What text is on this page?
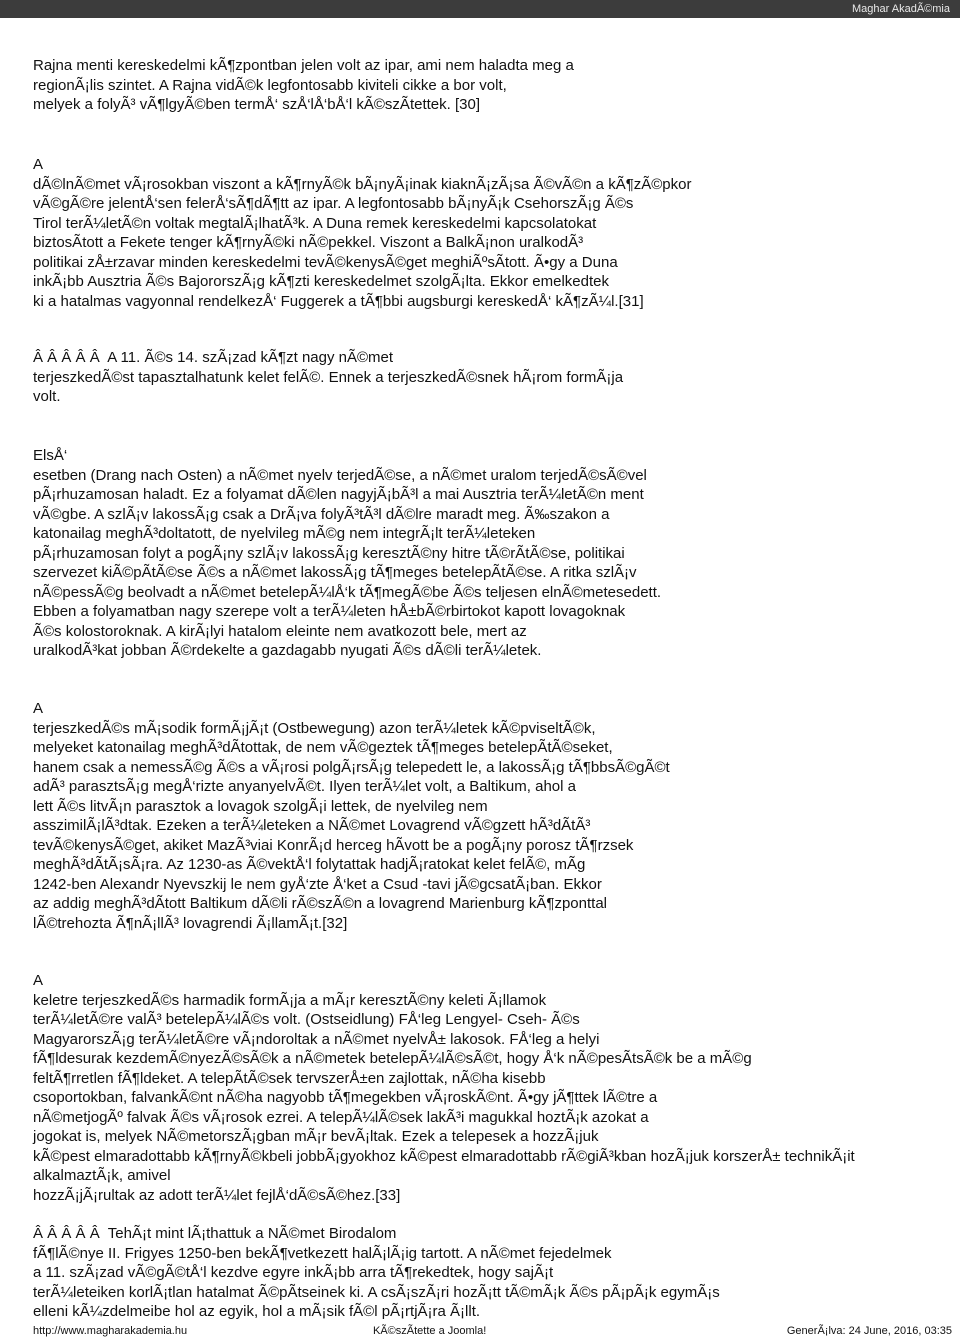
Maghar AkadÃ©mia

Rajna menti kereskedelmi kÃ¶zpontban jelen volt az ipar, ami nem haladta meg a
regionÃ¡lis szintet. A Rajna vidÃ©k legfontosabb kiviteli cikke a bor volt,
melyek a folyÃ³ vÃ¶lgyÃ©ben termÅ‘ szÅ‘lÅ‘bÅ‘l kÃ©szÃtettek. [30]

A
dÃ©lnÃ©met vÃ¡rosokban viszont a kÃ¶rnyÃ©k bÃ¡nyÃ¡inak kiaknÃ¡zÃ¡sa Ã©vÃ©n a kÃ¶zÃ©pkor
vÃ©gÃ©re jelentÅ‘sen felerÅ‘sÃ¶dÃ¶tt az ipar. A legfontosabb bÃ¡nyÃ¡k CsehorszÃ¡g Ã©s
Tirol terÃ¼letÃ©n voltak megtalÃ¡lhatÃ³k. A Duna remek kereskedelmi kapcsolatokat
biztosÃtott a Fekete tenger kÃ¶rnyÃ©ki nÃ©pekkel. Viszont a BalkÃ¡non uralkodÃ³
politikai zÅ±rzavar minden kereskedelmi tevÃ©kenysÃ©get meghiÃºsÃtott. Ã•gy a Duna
inkÃ¡bb Ausztria Ã©s BajororszÃ¡g kÃ¶zti kereskedelmet szolgÃ¡lta. Ekkor emelkedtek
ki a hatalmas vagyonnal rendelkezÅ‘ Fuggerek a tÃ¶bbi augsburgi kereskedÅ‘ kÃ¶zÃ¼l.[31]

Â Â Â Â Â  A 11. Ã©s 14. szÃ¡zad kÃ¶zt nagy nÃ©met
terjeszkedÃ©st tapasztalhatunk kelet felÃ©. Ennek a terjeszkedÃ©snek hÃ¡rom formÃ¡ja
volt.

ElsÅ‘
esetben (Drang nach Osten) a nÃ©met nyelv terjedÃ©se, a nÃ©met uralom terjedÃ©sÃ©vel
pÃ¡rhuzamosan haladt. Ez a folyamat dÃ©len nagyjÃ¡bÃ³l a mai Ausztria terÃ¼letÃ©n ment
vÃ©gbe. A szlÃ¡v lakossÃ¡g csak a DrÃ¡va folyÃ³tÃ³l dÃ©lre maradt meg. Ã‰szakon a
katonailag meghÃ³doltatott, de nyelvileg mÃ©g nem integrÃ¡lt terÃ¼leteken
pÃ¡rhuzamosan folyt a pogÃ¡ny szlÃ¡v lakossÃ¡g keresztÃ©ny hitre tÃ©rÃtÃ©se, politikai
szervezet kiÃ©pÃtÃ©se Ã©s a nÃ©met lakossÃ¡g tÃ¶meges betelepÃtÃ©se. A ritka szlÃ¡v
nÃ©pessÃ©g beolvadt a nÃ©met betelepÃ¼lÅ‘k tÃ¶megÃ©be Ã©s teljesen elnÃ©metesedett.
Ebben a folyamatban nagy szerepe volt a terÃ¼leten hÅ±bÃ©rbirtokot kapott lovagoknak
Ã©s kolostoroknak. A kirÃ¡lyi hatalom eleinte nem avatkozott bele, mert az
uralkodÃ³kat jobban Ã©rdekelte a gazdagabb nyugati Ã©s dÃ©li terÃ¼letek.

A
terjeszkedÃ©s mÃ¡sodik formÃ¡jÃ¡t (Ostbewegung) azon terÃ¼letek kÃ©pviseltÃ©k,
melyeket katonailag meghÃ³dÃtottak, de nem vÃ©geztek tÃ¶meges betelepÃtÃ©seket,
hanem csak a nemessÃ©g Ã©s a vÃ¡rosi polgÃ¡rsÃ¡g telepedett le, a lakossÃ¡g tÃ¶bbsÃ©gÃ©t
adÃ³ parasztsÃ¡g megÅ‘rizte anyanyelvÃ©t. Ilyen terÃ¼let volt, a Baltikum, ahol a
lett Ã©s litvÃ¡n parasztok a lovagok szolgÃ¡i lettek, de nyelvileg nem
asszimilÃ¡lÃ³dtak. Ezeken a terÃ¼leteken a NÃ©met Lovagrend vÃ©gzett hÃ³dÃtÃ³
tevÃ©kenysÃ©get, akiket MazÃ³viai KonrÃ¡d herceg hÃvott be a pogÃ¡ny porosz tÃ¶rzsek
meghÃ³dÃtÃ¡sÃ¡ra. Az 1230-as Ã©vektÅ‘l folytattak hadjÃ¡ratokat kelet felÃ©, mÃg
1242-ben Alexandr Nyevszkij le nem gyÅ‘zte Å‘ket a Csud -tavi jÃ©gcsatÃ¡ban. Ekkor
az addig meghÃ³dÃtott Baltikum dÃ©li rÃ©szÃ©n a lovagrend Marienburg kÃ¶zponttal
lÃ©trehozta Ã¶nÃ¡llÃ³ lovagrendi Ã¡llamÃ¡t.[32]

A
keletre terjeszkedÃ©s harmadik formÃ¡ja a mÃ¡r keresztÃ©ny keleti Ã¡llamok
terÃ¼letÃ©re valÃ³ betelepÃ¼lÃ©s volt. (Ostseidlung) FÅ‘leg Lengyel- Cseh- Ã©s
MagyarorszÃ¡g terÃ¼letÃ©re vÃ¡ndoroltak a nÃ©met nyelvÅ± lakosok. FÅ‘leg a helyi
fÃ¶ldesurak kezdemÃ©nyezÃ©sÃ©k a nÃ©metek betelepÃ¼lÃ©sÃ©t, hogy Å‘k nÃ©pesÃtsÃ©k be a mÃ©g
feltÃ¶rretlen fÃ¶ldeket. A telepÃtÃ©sek tervszerÅ±en zajlottak, nÃ©ha kisebb
csoportokban, falvankÃ©nt nÃ©ha nagyobb tÃ¶megekben vÃ¡roskÃ©nt. Ã•gy jÃ¶ttek lÃ©tre a
nÃ©metjogÃº falvak Ã©s vÃ¡rosok ezrei. A telepÃ¼lÃ©sek lakÃ³i magukkal hoztÃ¡k azokat a
jogokat is, melyek NÃ©metorszÃ¡gban mÃ¡r bevÃ¡ltak. Ezek a telepesek a hozzÃ¡juk
kÃ©pest elmaradottabb kÃ¶rnyÃ©kbeli jobbÃ¡gyokhoz kÃ©pest elmaradottabb rÃ©giÃ³kban hozÃ¡juk korszerÅ± technikÃ¡it alkalmaztÃ¡k, amivel
hozzÃ¡jÃ¡rultak az adott terÃ¼let fejlÅ‘dÃ©sÃ©hez.[33]

Â Â Â Â Â  TehÃ¡t mint lÃ¡thattuk a NÃ©met Birodalom
fÃ¶lÃ©nye II. Frigyes 1250-ben bekÃ¶vetkezett halÃ¡lÃ¡ig tartott. A nÃ©met fejedelmek
a 11. szÃ¡zad vÃ©gÃ©tÅ‘l kezdve egyre inkÃ¡bb arra tÃ¶rekedtek, hogy sajÃ¡t
terÃ¼leteiken korlÃ¡tlan hatalmat Ã©pÃtseinek ki. A csÃ¡szÃ¡ri hozÃ¡tt tÃ©mÃ¡k Ã©s pÃ¡pÃ¡k egymÃ¡s
elleni kÃ¼zdelmeibe hol az egyik, hol a mÃ¡sik fÃ©l pÃ¡rtjÃ¡ra Ã¡llt.

http://www.magharakademia.hu	KÃ©szÃtette a Joomla!	GenerÃ¡lva: 24 June, 2016, 03:35
